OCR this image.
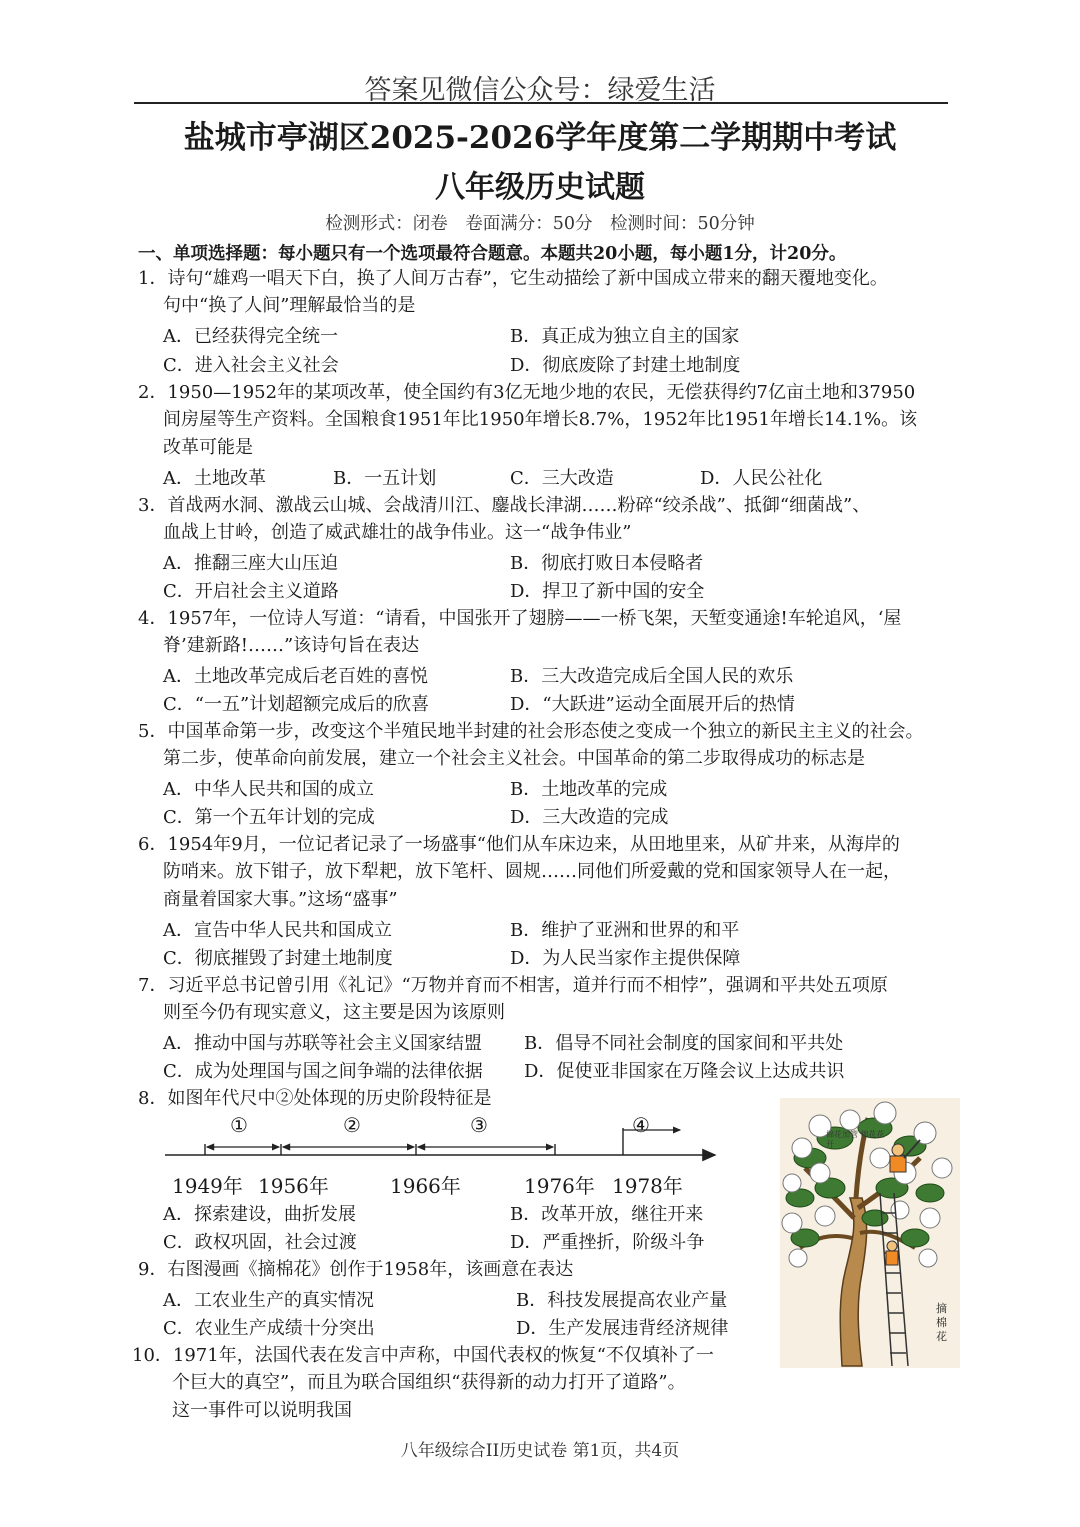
答案见微信公众号：绿爱生活
盐城市亭湖区2025-2026学年度第二学期期中考试
八年级历史试题
检测形式：闭卷　卷面满分：50分　检测时间：50分钟
一、单项选择题：每小题只有一个选项最符合题意。本题共20小题，每小题1分，计20分。
1．诗句“雄鸡一唱天下白，换了人间万古春”，它生动描绘了新中国成立带来的翻天覆地变化。
句中“换了人间”理解最恰当的是
A．已经获得完全统一	B．真正成为独立自主的国家
C．进入社会主义社会	D．彻底废除了封建土地制度
2．1950—1952年的某项改革，使全国约有3亿无地少地的农民，无偿获得约7亿亩土地和37950
间房屋等生产资料。全国粮食1951年比1950年增长8.7%，1952年比1951年增长14.1%。该
改革可能是
A．土地改革	B．一五计划	C．三大改造	D．人民公社化
3．首战两水洞、激战云山城、会战清川江、鏖战长津湖……粉碎“绞杀战”、抵御“细菌战”、
血战上甘岭，创造了威武雄壮的战争伟业。这一“战争伟业”
A．推翻三座大山压迫	B．彻底打败日本侵略者
C．开启社会主义道路	D．捍卫了新中国的安全
4．1957年，一位诗人写道：“请看，中国张开了翅膀——一桥飞架，天堑变通途!车轮追风，‘屋
脊’建新路!……”该诗句旨在表达
A．土地改革完成后老百姓的喜悦	B．三大改造完成后全国人民的欢乐
C．“一五”计划超额完成后的欣喜	D．“大跃进”运动全面展开后的热情
5．中国革命第一步，改变这个半殖民地半封建的社会形态使之变成一个独立的新民主主义的社会。
第二步，使革命向前发展，建立一个社会主义社会。中国革命的第二步取得成功的标志是
A．中华人民共和国的成立	B．土地改革的完成
C．第一个五年计划的完成	D．三大改造的完成
6．1954年9月，一位记者记录了一场盛事“他们从车床边来，从田地里来，从矿井来，从海岸的
防哨来。放下钳子，放下犁耙，放下笔杆、圆规……同他们所爱戴的党和国家领导人在一起，
商量着国家大事。”这场“盛事”
A．宣告中华人民共和国成立	B．维护了亚洲和世界的和平
C．彻底摧毁了封建土地制度	D．为人民当家作主提供保障
7．习近平总书记曾引用《礼记》“万物并育而不相害，道并行而不相悖”，强调和平共处五项原
则至今仍有现实意义，这主要是因为该原则
A．推动中国与苏联等社会主义国家结盟 B．倡导不同社会制度的国家间和平共处
C．成为处理国与国之间争端的法律依据 D．促使亚非国家在万隆会议上达成共识
8．如图年代尺中②处体现的历史阶段特征是
①	②	③	④
1949年 1956年	1966年	1976年 1978年
A．探索建设，曲折发展	B．改革开放，继往开来
C．政权巩固，社会过渡	D．严重挫折，阶级斗争
9．右图漫画《摘棉花》创作于1958年，该画意在表达
A．工农业生产的真实情况	B．科技发展提高农业产量
C．农业生产成绩十分突出	D．生产发展违背经济规律
10．1971年，法国代表在发言中声称，中国代表权的恢复“不仅填补了一
个巨大的真空”，而且为联合国组织“获得新的动力打开了道路”。
这一事件可以说明我国
棉花加管 棉花花开
摘棉花
八年级综合II历史试卷 第1页，共4页
